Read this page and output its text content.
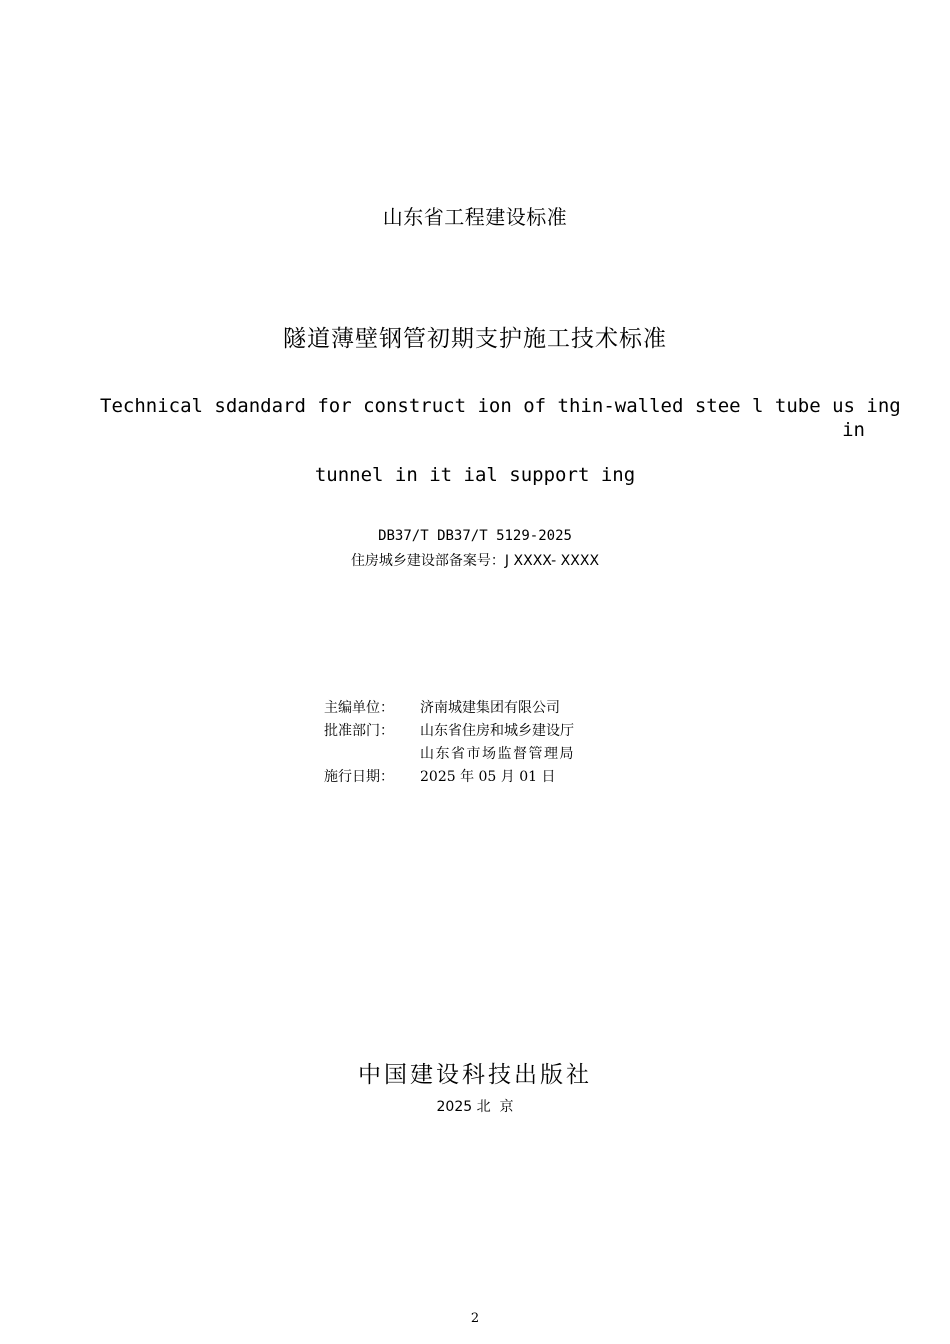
山东省工程建设标准
隧道薄壁钢管初期支护施工技术标准
Technical sdandard for construct ion of thin-walled stee l tube us ing
in
tunnel in it ial support ing
DB37/T DB37/T 5129-2025
住房城乡建设部备案号：J XXXX- XXXX
主编单位：	济南城建集团有限公司
批准部门：	山东省住房和城乡建设厅
山东省市场监督管理局
施行日期：	2025 年 05 月 01 日
中国建设科技出版社
2025 北  京
2
